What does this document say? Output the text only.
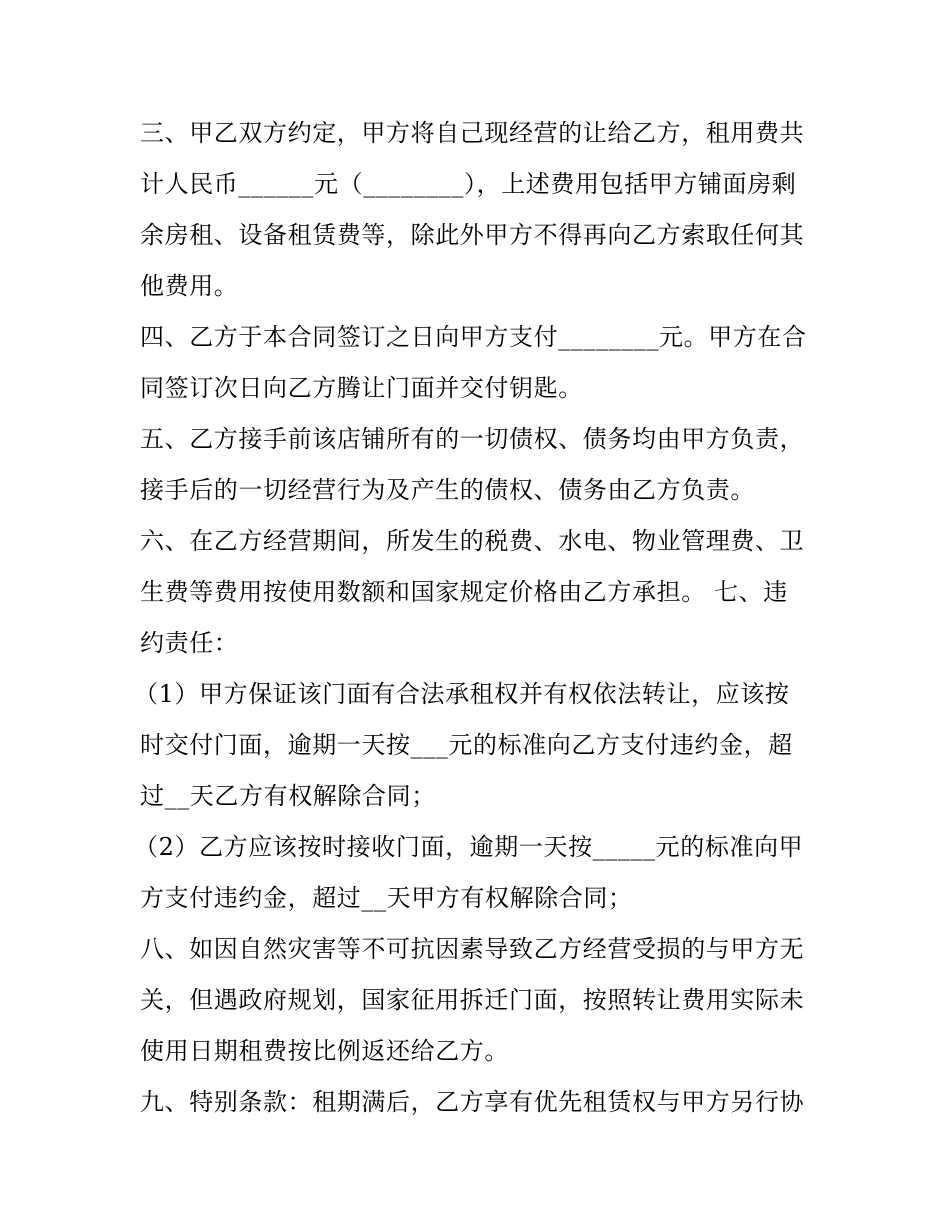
三、甲乙双方约定，甲方将自己现经营的让给乙方，租用费共
计人民币______元（________），上述费用包括甲方铺面房剩
余房租、设备租赁费等，除此外甲方不得再向乙方索取任何其
他费用。
四、乙方于本合同签订之日向甲方支付________元。甲方在合
同签订次日向乙方腾让门面并交付钥匙。
五、乙方接手前该店铺所有的一切债权、债务均由甲方负责，
接手后的一切经营行为及产生的债权、债务由乙方负责。
六、在乙方经营期间，所发生的税费、水电、物业管理费、卫
生费等费用按使用数额和国家规定价格由乙方承担。 七、违
约责任：
（1）甲方保证该门面有合法承租权并有权依法转让，应该按
时交付门面，逾期一天按___元的标准向乙方支付违约金，超
过__天乙方有权解除合同；
（2）乙方应该按时接收门面，逾期一天按_____元的标准向甲
方支付违约金，超过__天甲方有权解除合同；
八、如因自然灾害等不可抗因素导致乙方经营受损的与甲方无
关，但遇政府规划，国家征用拆迁门面，按照转让费用实际未
使用日期租费按比例返还给乙方。
九、特别条款：租期满后，乙方享有优先租赁权与甲方另行协
